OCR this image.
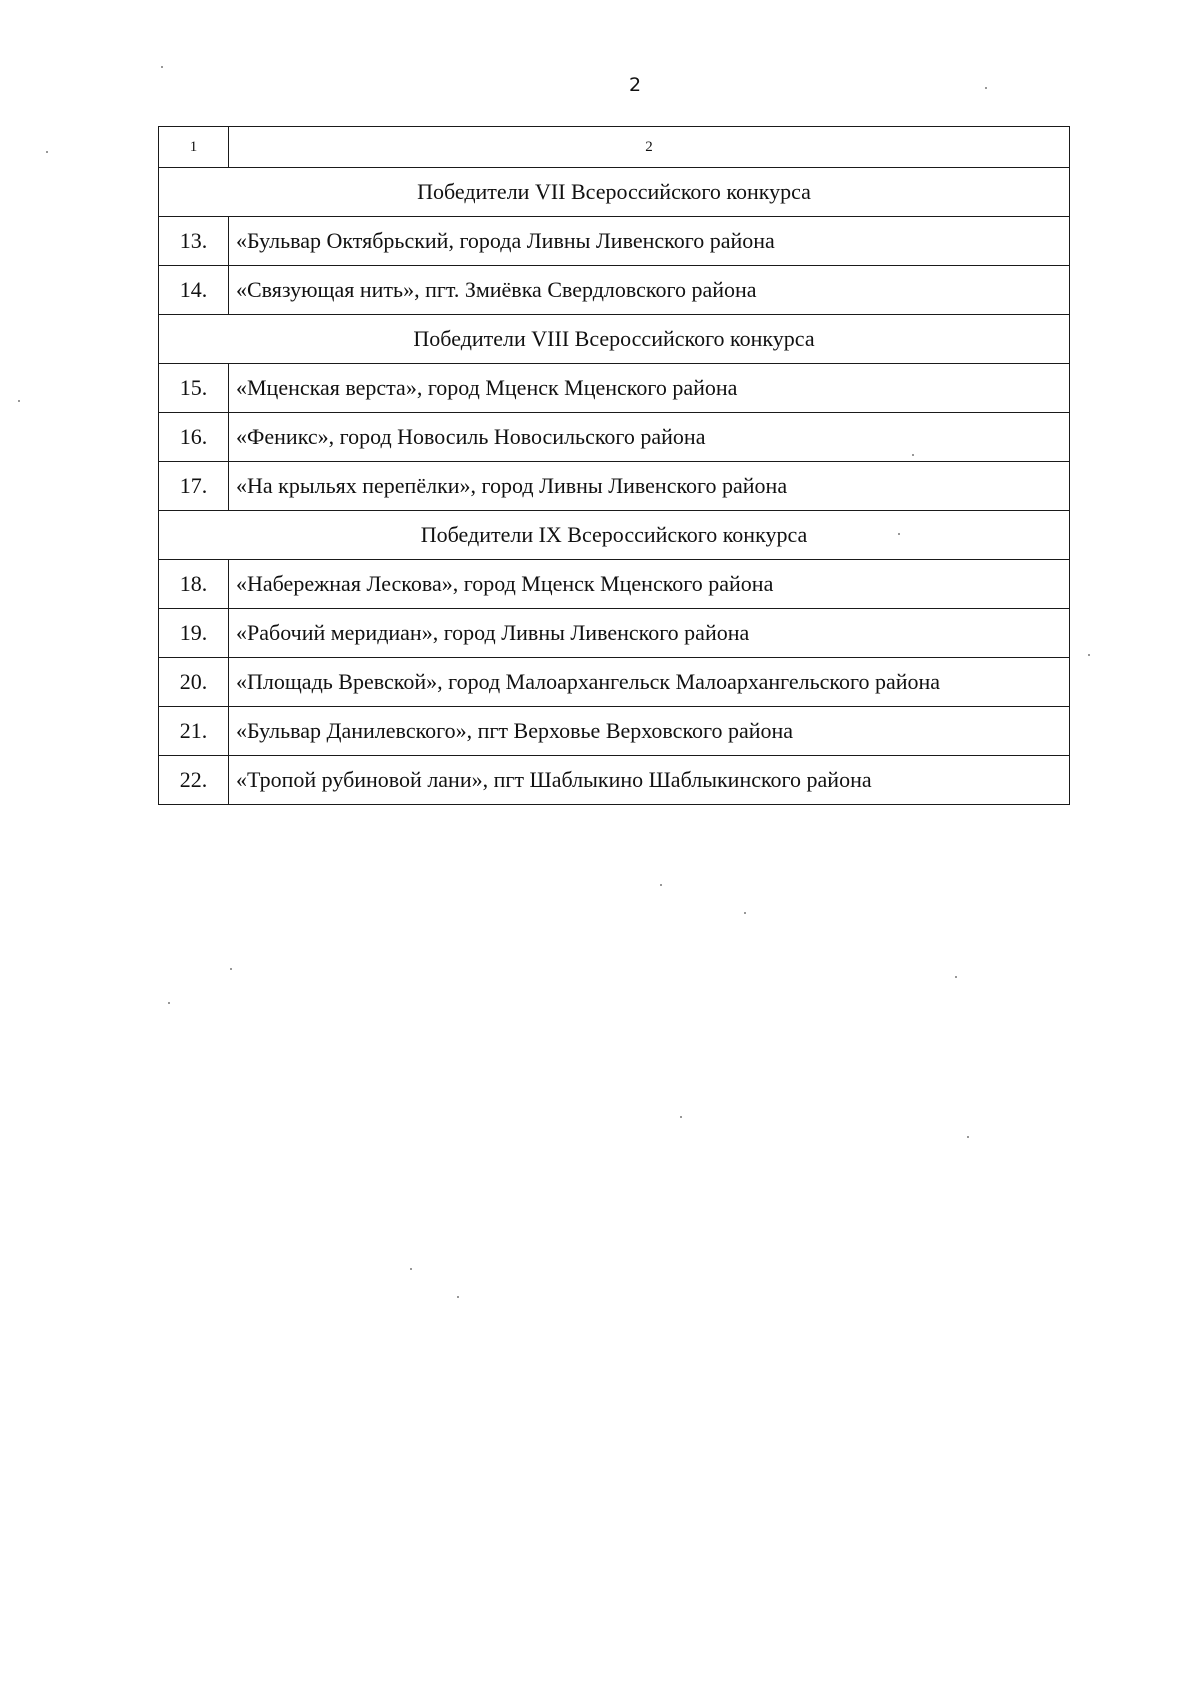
2
1	2
Победители VII Всероссийского конкурса	
13.	«Бульвар Октябрьский, города Ливны Ливенского района
14.	«Связующая нить», пгт. Змиёвка Свердловского района
Победители VIII Всероссийского конкурса	
15.	«Мценская верста», город Мценск Мценского района
16.	«Феникс», город Новосиль Новосильского района
17.	«На крыльях перепёлки», город Ливны Ливенского района
Победители IX Всероссийского конкурса	
18.	«Набережная Лескова», город Мценск Мценского района
19.	«Рабочий меридиан», город Ливны Ливенского района
20.	«Площадь Вревской», город Малоархангельск Малоархангельского района
21.	«Бульвар Данилевского», пгт Верховье Верховского района
22.	«Тропой рубиновой лани», пгт Шаблыкино Шаблыкинского района
